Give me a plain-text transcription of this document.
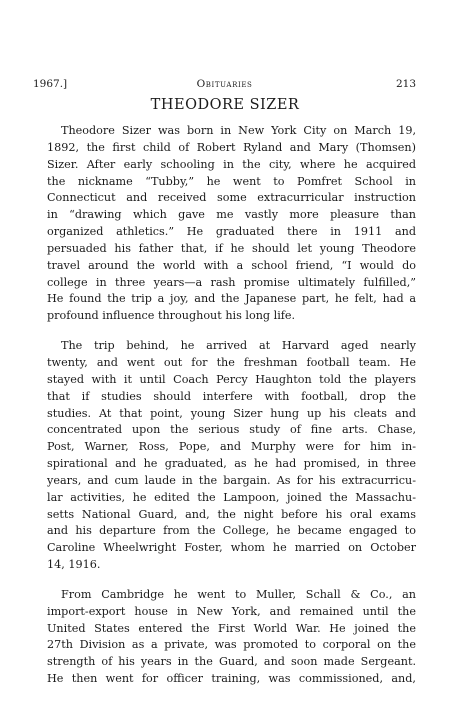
1967.]	Obituaries	213
THEODORE SIZER

Theodore Sizer was born in New York City on March 19,
1892, the first child of Robert Ryland and Mary (Thomsen)
Sizer. After early schooling in the city, where he acquired
the nickname “Tubby,” he went to Pomfret School in
Connecticut and received some extracurricular instruction
in “drawing which gave me vastly more pleasure than
organized athletics.” He graduated there in 1911 and
persuaded his father that, if he should let young Theodore
travel around the world with a school friend, “I would do
college in three years—a rash promise ultimately fulfilled,”
He found the trip a joy, and the Japanese part, he felt, had a
profound influence throughout his long life.

The trip behind, he arrived at Harvard aged nearly
twenty, and went out for the freshman football team. He
stayed with it until Coach Percy Haughton told the players
that if studies should interfere with football, drop the
studies. At that point, young Sizer hung up his cleats and
concentrated upon the serious study of fine arts. Chase,
Post, Warner, Ross, Pope, and Murphy were for him in-
spirational and he graduated, as he had promised, in three
years, and cum laude in the bargain. As for his extracurricu-
lar activities, he edited the Lampoon, joined the Massachu-
setts National Guard, and, the night before his oral exams
and his departure from the College, he became engaged to
Caroline Wheelwright Foster, whom he married on October
14, 1916.

From Cambridge he went to Muller, Schall & Co., an
import-export house in New York, and remained until the
United States entered the First World War. He joined the
27th Division as a private, was promoted to corporal on the
strength of his years in the Guard, and soon made Sergeant.
He then went for officer training, was commissioned, and,
